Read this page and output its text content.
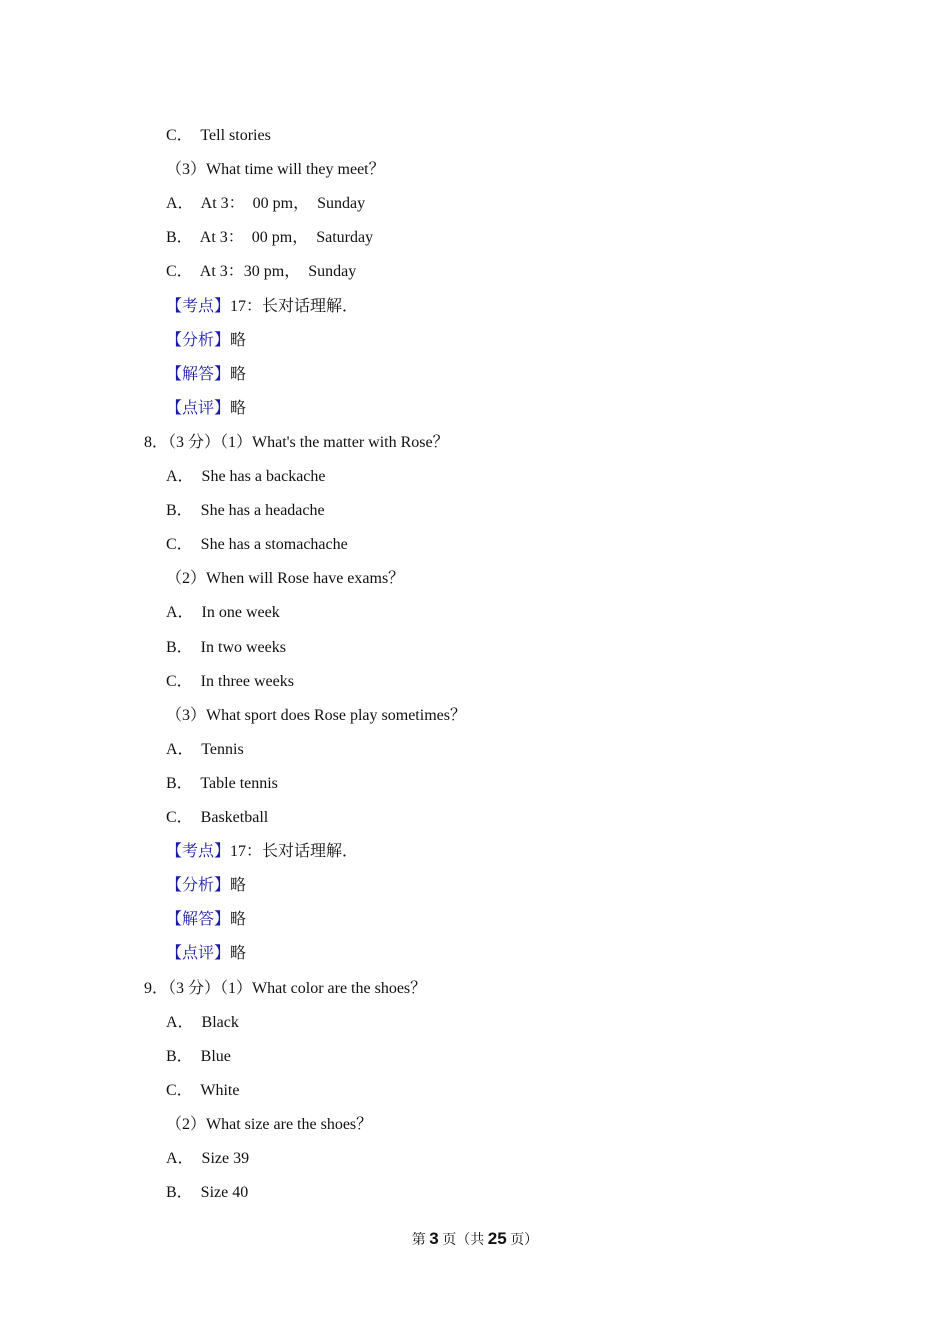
C．  Tell stories
（3）What time will they meet？
A．  At 3：  00 pm，  Sunday
B．  At 3：  00 pm，  Saturday
C．  At 3：30 pm，  Sunday
【考点】17：长对话理解．
【分析】略
【解答】略
【点评】略
8．（3 分）（1）What's the matter with Rose？
A．  She has a backache
B．  She has a headache
C．  She has a stomachache
（2）When will Rose have exams？
A．  In one week
B．  In two weeks
C．  In three weeks
（3）What sport does Rose play sometimes？
A．  Tennis
B．  Table tennis
C．  Basketball
【考点】17：长对话理解．
【分析】略
【解答】略
【点评】略
9．（3 分）（1）What color are the shoes？
A．  Black
B．  Blue
C．  White
（2）What size are the shoes？
A．  Size 39
B．  Size 40
第 3 页（共 25 页）
